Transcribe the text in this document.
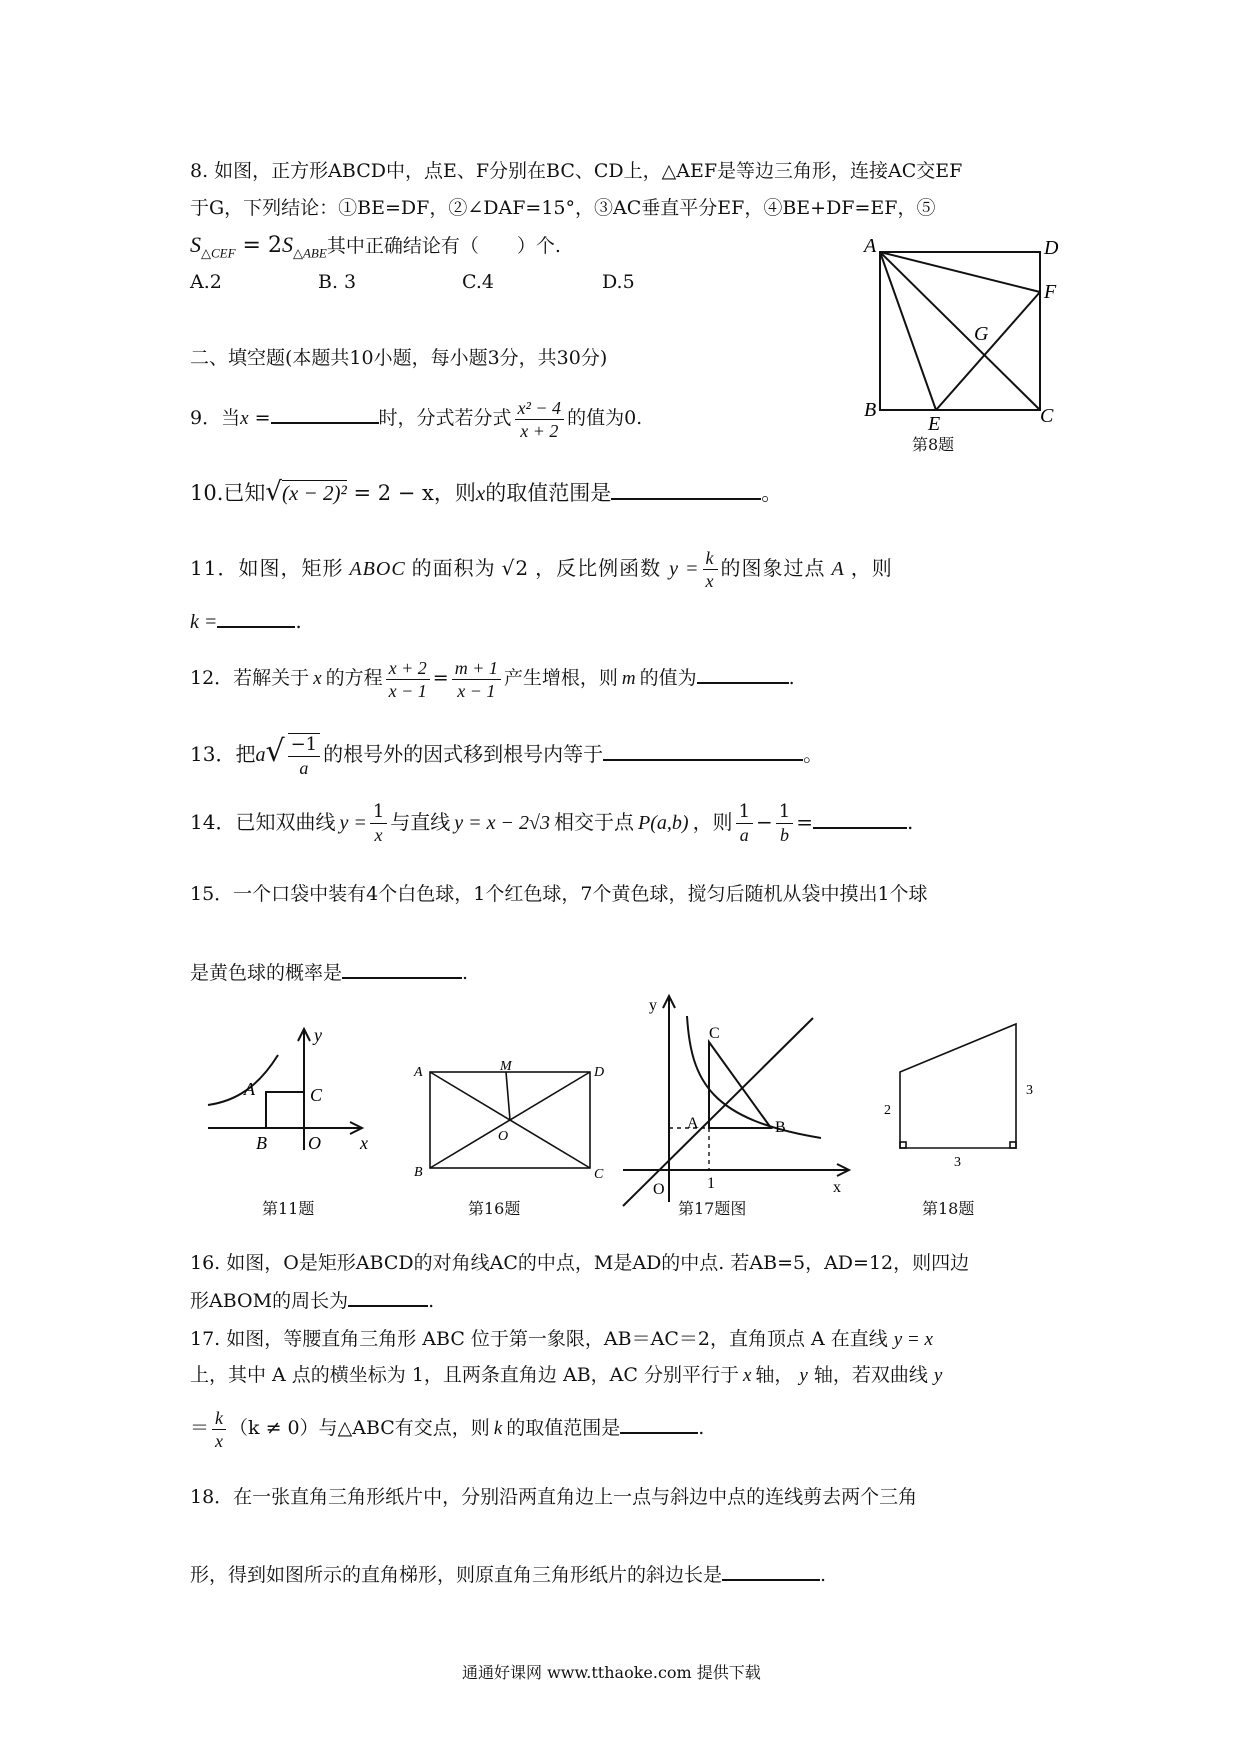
8. 如图，正方形ABCD中，点E、F分别在BC、CD上，△AEF是等边三角形，连接AC交EF
于G，下列结论：①BE=DF，②∠DAF=15°，③AC垂直平分EF，④BE+DF=EF，⑤
$S_{\triangle CEF} = 2S_{\triangle ABE}$其中正确结论有（　　）个.
A.2	B. 3	C.4	D.5
A	D
F
G
B
E	C
第8题
二、填空题(本题共10小题，每小题3分，共30分)
9．当x =	时，分式若分式 $\frac{\text{x² − 4}}{x + 2}$ 的值为0.
10.已知√(x − 2)² = 2 − x，则x的取值范围是	。
11．如图，矩形 ABOC 的面积为 √2 ，反比例函数 $y = \frac{k}{x}$ 的图象过点 A ，则
k =	.
12．若解关于 x 的方程 $\frac{x + 2}{x - 1} = \frac{m + 1}{x - 1}$ 产生增根，则 m 的值为	.
13．把$a√ \frac{-1}{a}$ 的根号外的因式移到根号内等于	。
14．已知双曲线 $y = \frac{1}{x}$ 与直线 y = x − 2√3 相交于点 P(a,b) ，则 $\frac{1}{a} - \frac{1}{b}$ =	.
15．一个口袋中装有4个白色球，1个红色球，7个黄色球，搅匀后随机从袋中摸出1个球
是黄色球的概率是	.
y
x
A	C
B O
第11题
A	M	D
O
B	C
第16题
y
x
O	1
A
C
B
第17题图
2
3
3
第18题
16. 如图，O是矩形ABCD的对角线AC的中点，M是AD的中点. 若AB=5，AD=12，则四边
形ABOM的周长为	.
17. 如图，等腰直角三角形 ABC 位于第一象限，AB＝AC＝2，直角顶点 A 在直线 y = x
上，其中 A 点的横坐标为 1，且两条直角边 AB，AC 分别平行于 x 轴， y 轴，若双曲线 y
＝ $\frac{k}{x} (k \ne 0)$与△ABC有交点，则 k 的取值范围是	.
18．在一张直角三角形纸片中，分别沿两直角边上一点与斜边中点的连线剪去两个三角
形，得到如图所示的直角梯形，则原直角三角形纸片的斜边长是	.
通通好课网 www.tthaoke.com 提供下载
